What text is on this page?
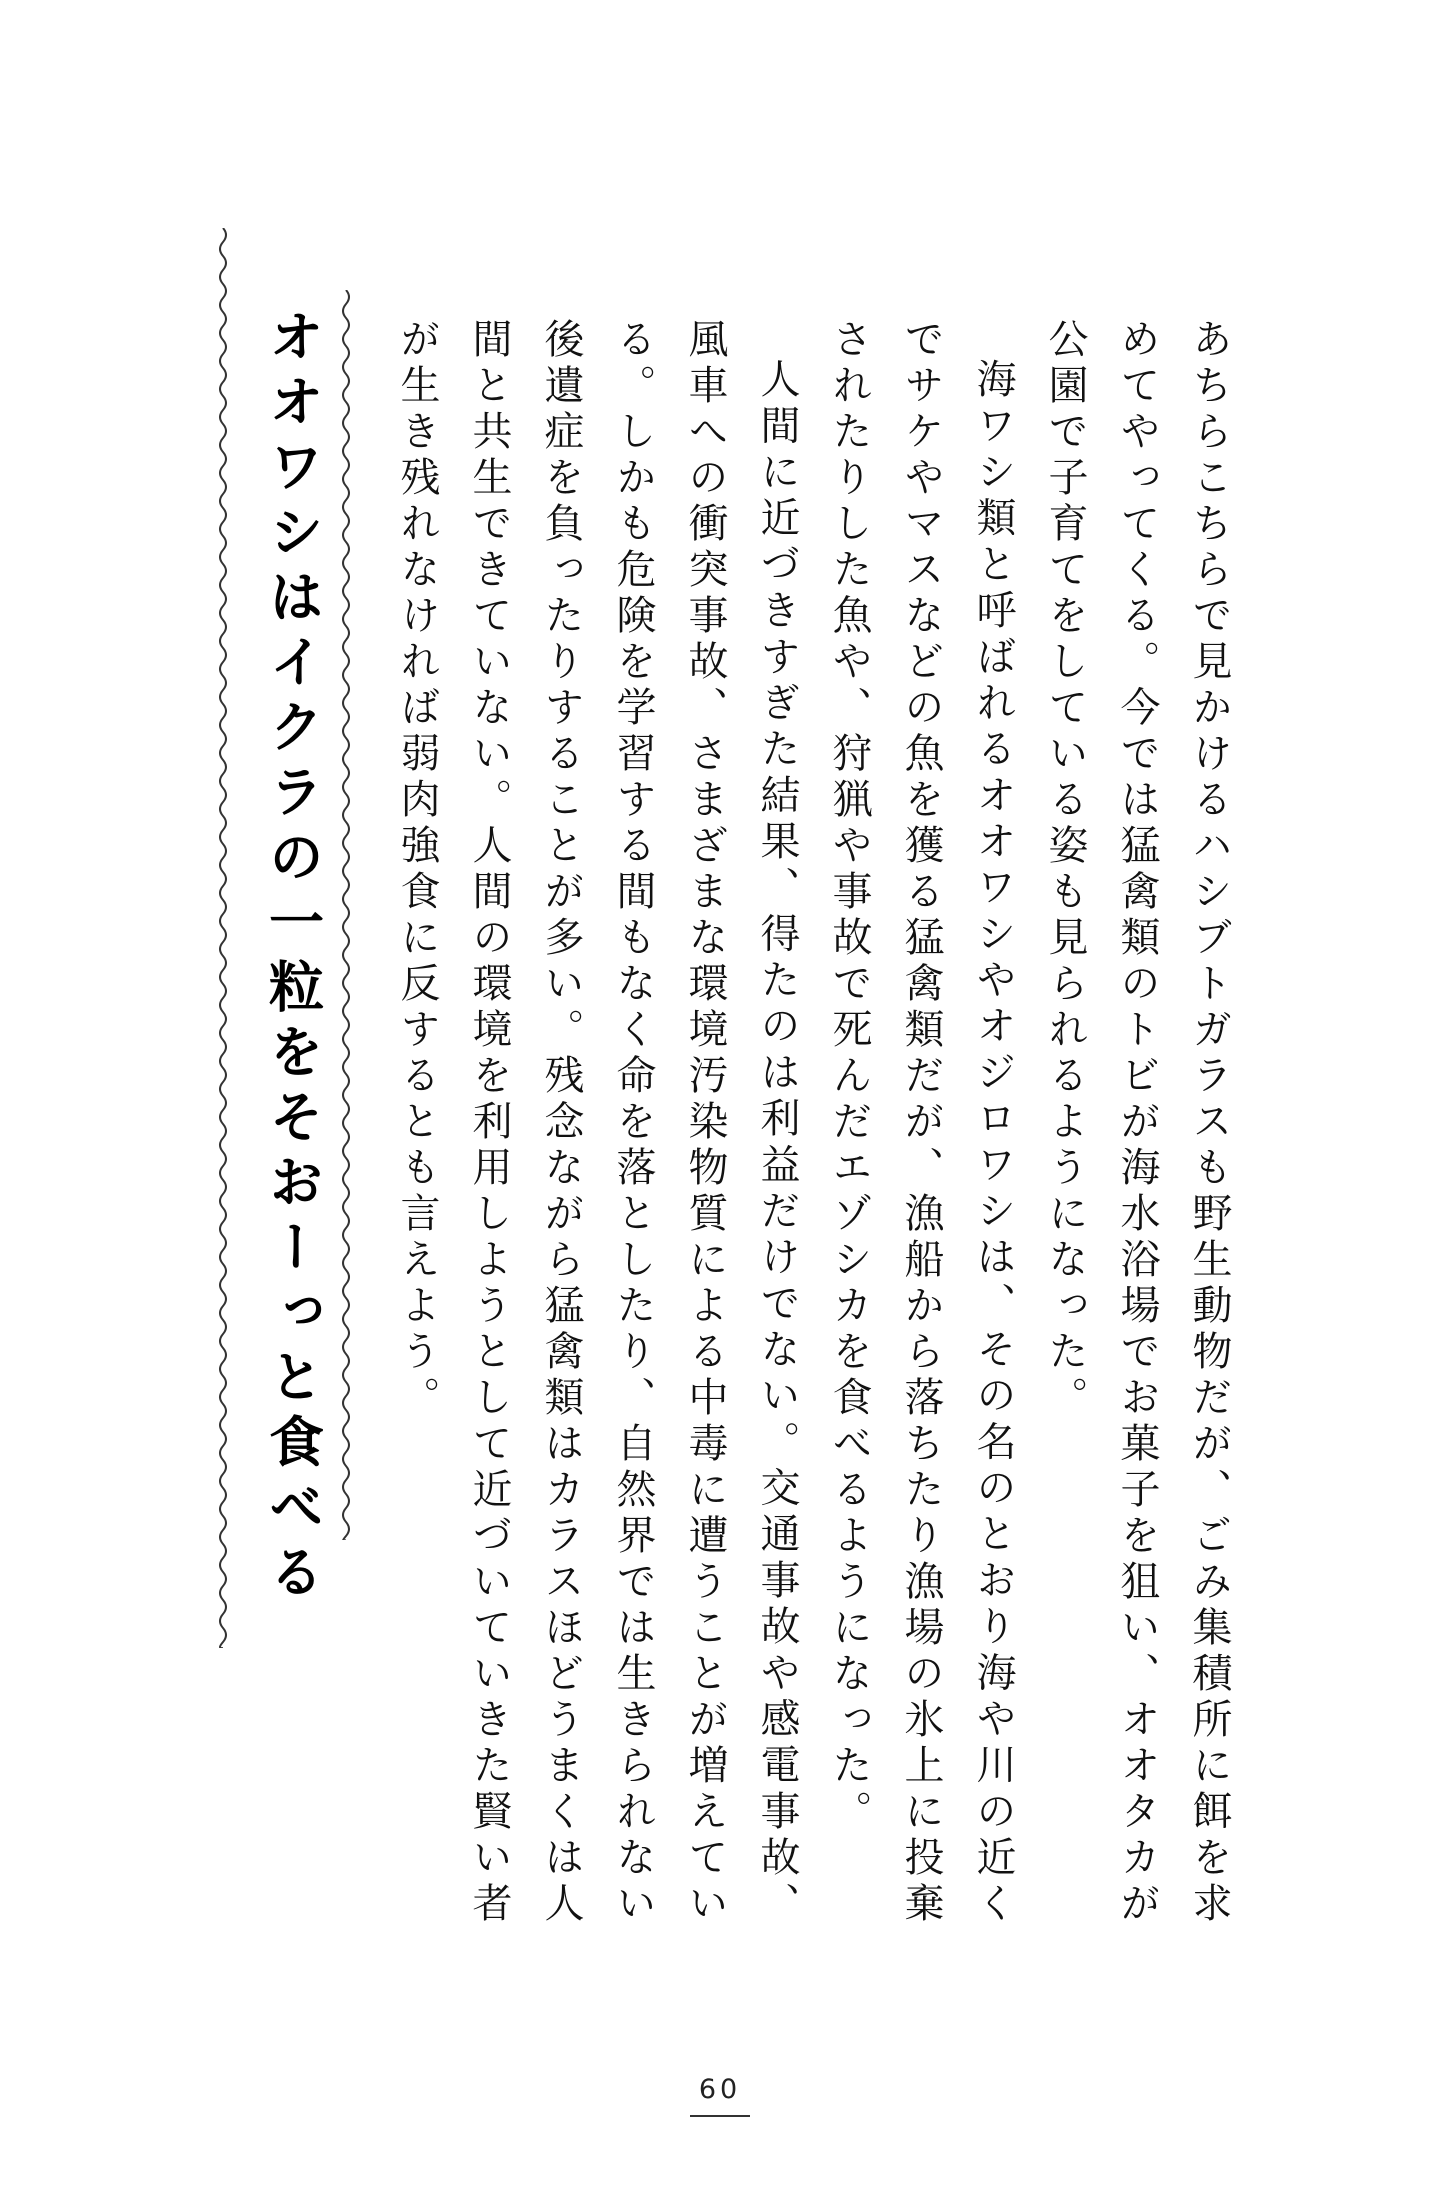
あちらこちらで見かけるハシブトガラスも野生動物だが、ごみ集積所に餌を求めてやってくる。今では猛禽類のトビが海水浴場でお菓子を狙い、オオタカが公園で子育てをしている姿も見られるようになった。
海ワシ類と呼ばれるオオワシやオジロワシは、その名のとおり海や川の近くでサケやマスなどの魚を獲る猛禽類だが、漁船から落ちたり漁場の氷上に投棄されたりした魚や、狩猟や事故で死んだエゾシカを食べるようになった。
人間に近づきすぎた結果、得たのは利益だけでない。交通事故や感電事故、風車への衝突事故、さまざまな環境汚染物質による中毒に遭うことが増えている。しかも危険を学習する間もなく命を落としたり、自然界では生きられない後遺症を負ったりすることが多い。残念ながら猛禽類はカラスほどうまくは人間と共生できていない。人間の環境を利用しようとして近づいていきた賢い者が生き残れなければ弱肉強食に反するとも言えよう。
オオワシはイクラの一粒をそおーっと食べる
60
